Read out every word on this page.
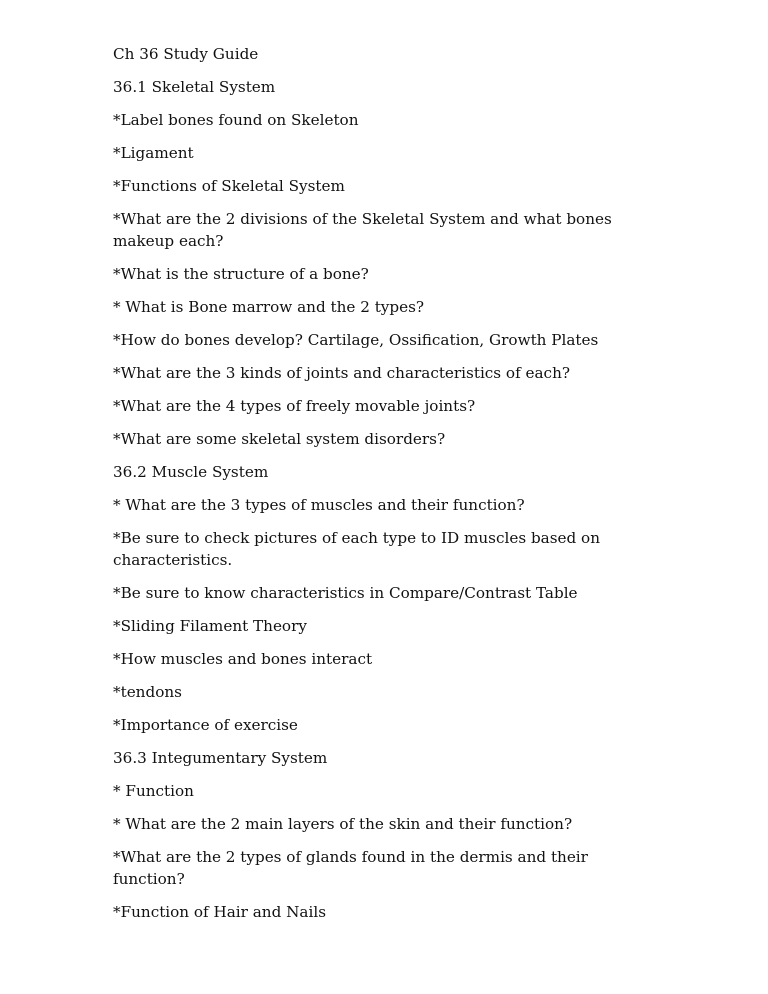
Ch 36 Study Guide

36.1 Skeletal System

*Label bones found on Skeleton

*Ligament

*Functions of Skeletal System

*What are the 2 divisions of the Skeletal System and what bones makeup each?

*What is the structure of a bone?

* What is Bone marrow and the 2 types?

*How do bones develop? Cartilage, Ossification, Growth Plates

*What are the 3 kinds of joints and characteristics of each?

*What are the 4 types of freely movable joints?

*What are some skeletal system disorders?

36.2 Muscle System

* What are the 3 types of muscles and their function?

*Be sure to check pictures of each type to ID muscles based on characteristics.

*Be sure to know characteristics in Compare/Contrast Table

*Sliding Filament Theory

*How muscles and bones interact

*tendons

*Importance of exercise

36.3 Integumentary System

* Function

* What are the 2 main layers of the skin and their function?

*What are the 2 types of glands found in the dermis and their function?

*Function of Hair and Nails
